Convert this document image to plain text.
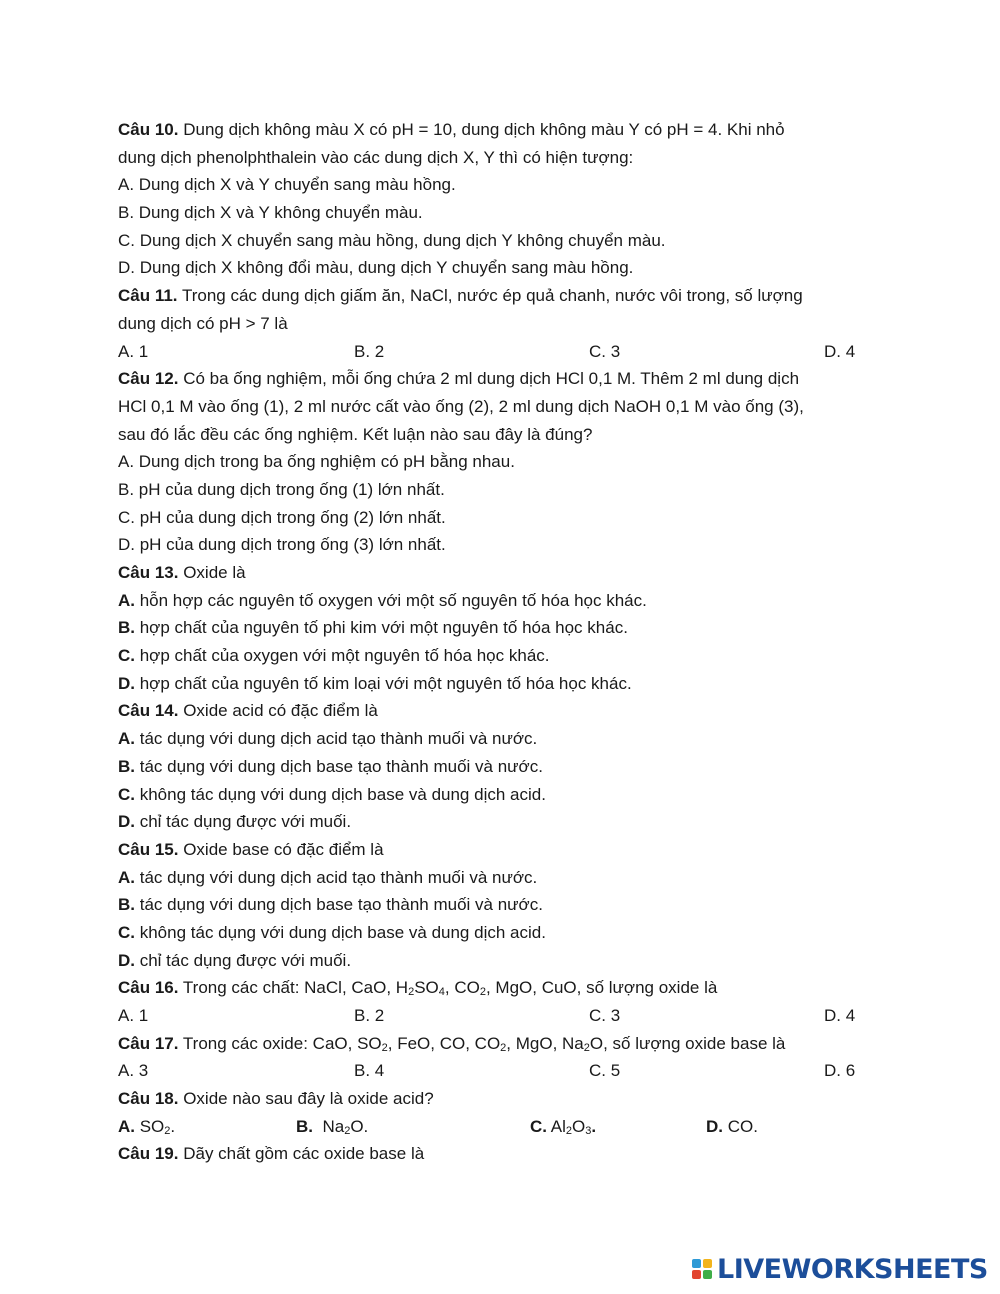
Câu 10. Dung dịch không màu X có pH = 10, dung dịch không màu Y có pH = 4. Khi nhỏ
dung dịch phenolphthalein vào các dung dịch X, Y thì có hiện tượng:
A. Dung dịch X và Y chuyển sang màu hồng.
B. Dung dịch X và Y không chuyển màu.
C. Dung dịch X chuyển sang màu hồng, dung dịch Y không chuyển màu.
D. Dung dịch X không đổi màu, dung dịch Y chuyển sang màu hồng.
Câu 11. Trong các dung dịch giấm ăn, NaCl, nước ép quả chanh, nước vôi trong, số lượng
dung dịch có pH > 7 là
A. 1	B. 2	C. 3	D. 4
Câu 12. Có ba ống nghiệm, mỗi ống chứa 2 ml dung dịch HCl 0,1 M. Thêm 2 ml dung dịch
HCl 0,1 M vào ống (1), 2 ml nước cất vào ống (2), 2 ml dung dịch NaOH 0,1 M vào ống (3),
sau đó lắc đều các ống nghiệm. Kết luận nào sau đây là đúng?
A. Dung dịch trong ba ống nghiệm có pH bằng nhau.
B. pH của dung dịch trong ống (1) lớn nhất.
C. pH của dung dịch trong ống (2) lớn nhất.
D. pH của dung dịch trong ống (3) lớn nhất.
Câu 13. Oxide là
A. hỗn hợp các nguyên tố oxygen với một số nguyên tố hóa học khác.
B. hợp chất của nguyên tố phi kim với một nguyên tố hóa học khác.
C. hợp chất của oxygen với một nguyên tố hóa học khác.
D. hợp chất của nguyên tố kim loại với một nguyên tố hóa học khác.
Câu 14. Oxide acid có đặc điểm là
A. tác dụng với dung dịch acid tạo thành muối và nước.
B. tác dụng với dung dịch base tạo thành muối và nước.
C. không tác dụng với dung dịch base và dung dịch acid.
D. chỉ tác dụng được với muối.
Câu 15. Oxide base có đặc điểm là
A. tác dụng với dung dịch acid tạo thành muối và nước.
B. tác dụng với dung dịch base tạo thành muối và nước.
C. không tác dụng với dung dịch base và dung dịch acid.
D. chỉ tác dụng được với muối.
Câu 16. Trong các chất: NaCl, CaO, $H_2SO_4$, $CO_2$, MgO, CuO, số lượng oxide là
A. 1	B. 2	C. 3	D. 4
Câu 17. Trong các oxide: CaO, $SO_2$, FeO, CO, $CO_2$, MgO, $Na_2O$, số lượng oxide base là
A. 3	B. 4	C. 5	D. 6
Câu 18. Oxide nào sau đây là oxide acid?
A. $SO_2$.	B.  $Na_2O$.	C. $Al_2O_3$.	D. CO.
Câu 19. Dãy chất gồm các oxide base là
LIVEWORKSHEETS
